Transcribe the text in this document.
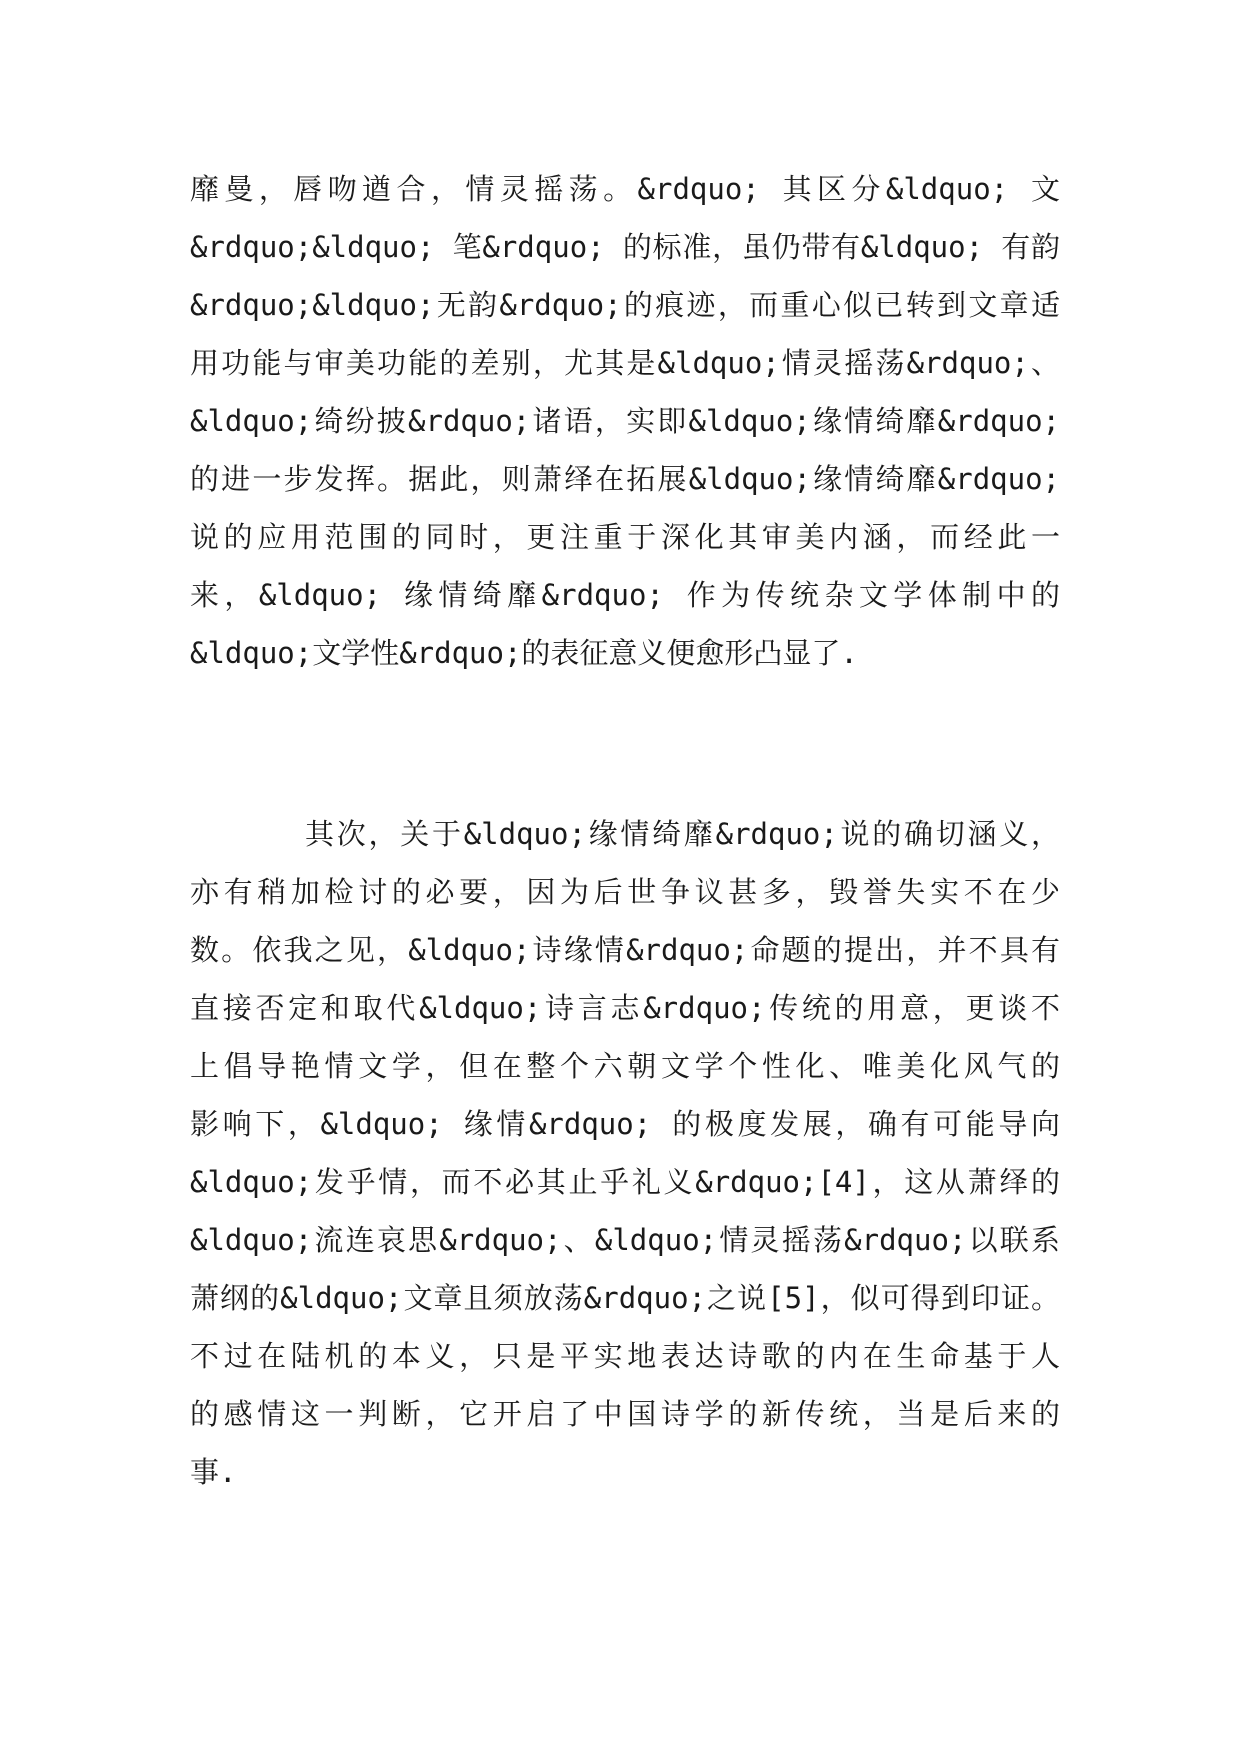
靡曼，唇吻遒合，情灵摇荡。&rdquo; 其区分&ldquo; 文
&rdquo;&ldquo; 笔&rdquo; 的标准，虽仍带有&ldquo; 有韵
&rdquo;&ldquo;无韵&rdquo;的痕迹，而重心似已转到文章适
用功能与审美功能的差别，尤其是&ldquo;情灵摇荡&rdquo;、
&ldquo;绮纷披&rdquo;诸语，实即&ldquo;缘情绮靡&rdquo;
的进一步发挥。据此，则萧绎在拓展&ldquo;缘情绮靡&rdquo;
说的应用范围的同时，更注重于深化其审美内涵，而经此一
来，&ldquo; 缘情绮靡&rdquo; 作为传统杂文学体制中的
&ldquo;文学性&rdquo;的表征意义便愈形凸显了.
其次，关于&ldquo;缘情绮靡&rdquo;说的确切涵义，
亦有稍加检讨的必要，因为后世争议甚多，毁誉失实不在少
数。依我之见，&ldquo;诗缘情&rdquo;命题的提出，并不具有
直接否定和取代&ldquo;诗言志&rdquo;传统的用意，更谈不
上倡导艳情文学，但在整个六朝文学个性化、唯美化风气的
影响下，&ldquo; 缘情&rdquo; 的极度发展，确有可能导向
&ldquo;发乎情，而不必其止乎礼义&rdquo;[4]，这从萧绎的
&ldquo;流连哀思&rdquo;、&ldquo;情灵摇荡&rdquo;以联系
萧纲的&ldquo;文章且须放荡&rdquo;之说[5]，似可得到印证。
不过在陆机的本义，只是平实地表达诗歌的内在生命基于人
的感情这一判断，它开启了中国诗学的新传统，当是后来的
事.
